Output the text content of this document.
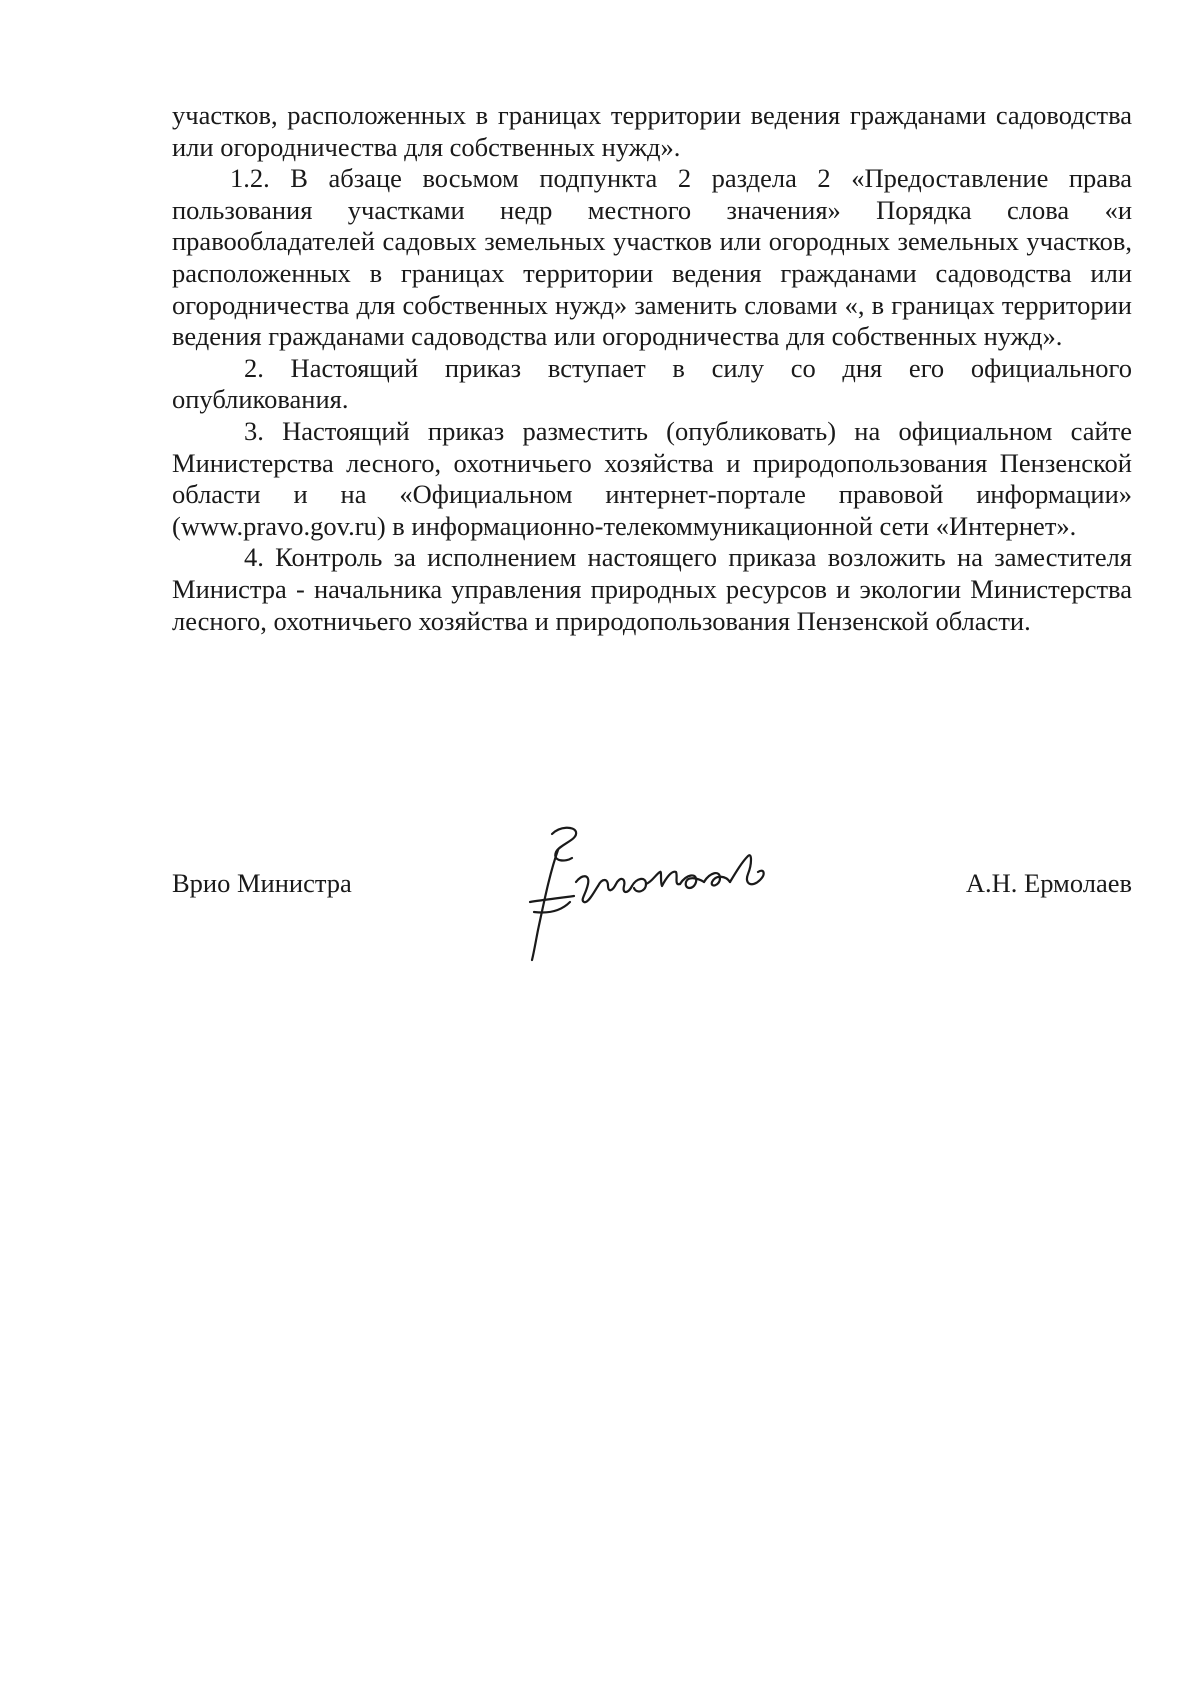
участков, расположенных в границах территории ведения гражданами садоводства или огородничества для собственных нужд».

1.2. В абзаце восьмом подпункта 2 раздела 2 «Предоставление права пользования участками недр местного значения» Порядка слова «и правообладателей садовых земельных участков или огородных земельных участков, расположенных в границах территории ведения гражданами садоводства или огородничества для собственных нужд» заменить словами «, в границах территории ведения гражданами садоводства или огородничества для собственных нужд».

2. Настоящий приказ вступает в силу со дня его официального опубликования.

3. Настоящий приказ разместить (опубликовать) на официальном сайте Министерства лесного, охотничьего хозяйства и природопользования Пензенской области и на «Официальном интернет-портале правовой информации» (www.pravo.gov.ru) в информационно-телекоммуникационной сети «Интернет».

4. Контроль за исполнением настоящего приказа возложить на заместителя Министра - начальника управления природных ресурсов и экологии Министерства лесного, охотничьего хозяйства и природопользования Пензенской области.

Врио Министра	А.Н. Ермолаев
